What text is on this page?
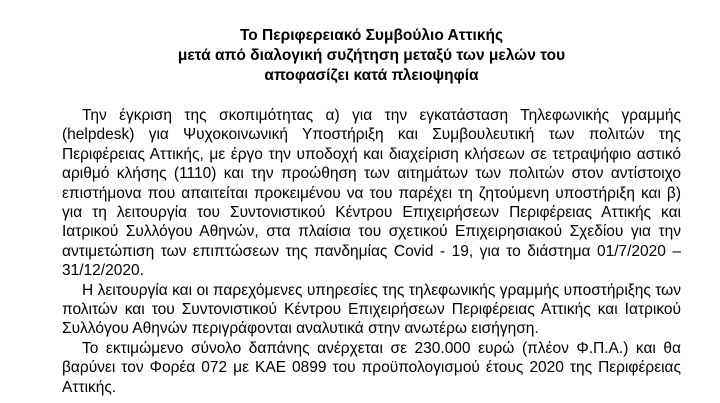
Το Περιφερειακό Συμβούλιο Αττικής
μετά από διαλογική συζήτηση μεταξύ των μελών του
αποφασίζει κατά πλειοψηφία

Την έγκριση της σκοπιμότητας α) για την εγκατάσταση Τηλεφωνικής γραμμής (helpdesk) για Ψυχοκοινωνική Υποστήριξη και Συμβουλευτική των πολιτών της Περιφέρειας Αττικής, με έργο την υποδοχή και διαχείριση κλήσεων σε τετραψήφιο αστικό αριθμό κλήσης (1110) και την προώθηση των αιτημάτων των πολιτών στον αντίστοιχο επιστήμονα που απαιτείται προκειμένου να του παρέχει τη ζητούμενη υποστήριξη και β) για τη λειτουργία του Συντονιστικού Κέντρου Επιχειρήσεων Περιφέρειας Αττικής και Ιατρικού Συλλόγου Αθηνών, στα πλαίσια του σχετικού Επιχειρησιακού Σχεδίου για την αντιμετώπιση των επιπτώσεων της πανδημίας Covid - 19, για το διάστημα 01/7/2020 – 31/12/2020.

Η λειτουργία και οι παρεχόμενες υπηρεσίες της τηλεφωνικής γραμμής υποστήριξης των πολιτών και του Συντονιστικού Κέντρου Επιχειρήσεων Περιφέρειας Αττικής και Ιατρικού Συλλόγου Αθηνών περιγράφονται αναλυτικά στην ανωτέρω εισήγηση.

Το εκτιμώμενο σύνολο δαπάνης ανέρχεται σε 230.000 ευρώ (πλέον Φ.Π.Α.) και θα βαρύνει τον Φορέα 072 με ΚΑΕ 0899 του προϋπολογισμού έτους 2020 της Περιφέρειας Αττικής.
